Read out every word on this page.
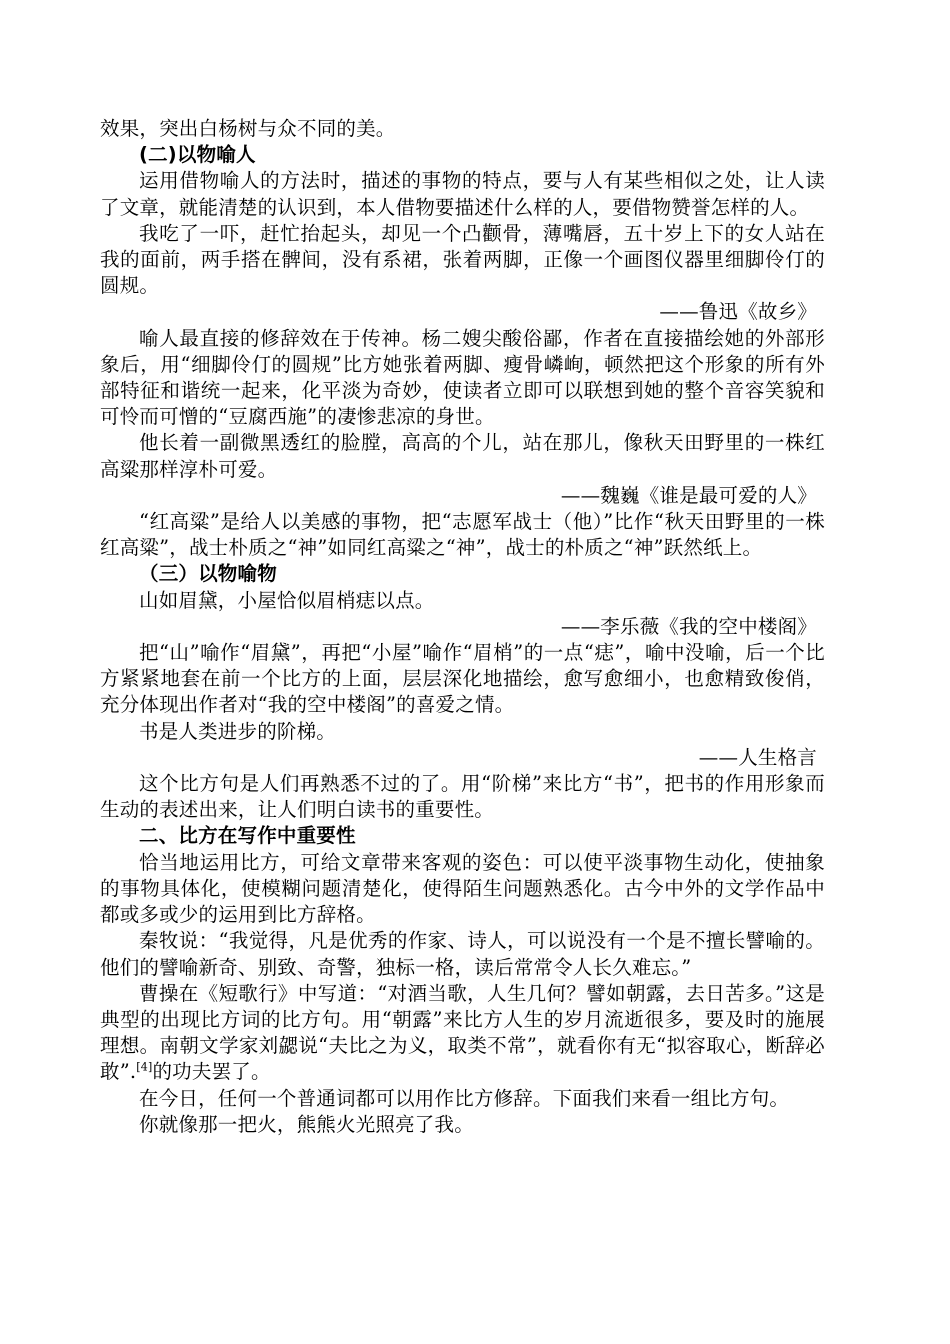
效果，突出白杨树与众不同的美。

(二)以物喻人

运用借物喻人的方法时，描述的事物的特点，要与人有某些相似之处，让人读了文章，就能清楚的认识到，本人借物要描述什么样的人，要借物赞誉怎样的人。

我吃了一吓，赶忙抬起头，却见一个凸颧骨，薄嘴唇，五十岁上下的女人站在我的面前，两手搭在髀间，没有系裙，张着两脚，正像一个画图仪器里细脚伶仃的圆规。

——鲁迅《故乡》

喻人最直接的修辞效在于传神。杨二嫂尖酸俗鄙，作者在直接描绘她的外部形象后，用“细脚伶仃的圆规”比方她张着两脚、瘦骨嶙峋，顿然把这个形象的所有外部特征和谐统一起来，化平淡为奇妙，使读者立即可以联想到她的整个音容笑貌和可怜而可憎的“豆腐西施”的凄惨悲凉的身世。

他长着一副微黑透红的脸膛，高高的个儿，站在那儿，像秋天田野里的一株红高粱那样淳朴可爱。

——魏巍《谁是最可爱的人》

“红高粱”是给人以美感的事物，把“志愿军战士（他）”比作“秋天田野里的一株红高粱”，战士朴质之“神”如同红高粱之“神”，战士的朴质之“神”跃然纸上。

（三）以物喻物

山如眉黛，小屋恰似眉梢痣以点。

——李乐薇《我的空中楼阁》

把“山”喻作“眉黛”，再把“小屋”喻作“眉梢”的一点“痣”，喻中没喻，后一个比方紧紧地套在前一个比方的上面，层层深化地描绘，愈写愈细小，也愈精致俊俏，充分体现出作者对“我的空中楼阁”的喜爱之情。

书是人类进步的阶梯。

——人生格言

这个比方句是人们再熟悉不过的了。用“阶梯”来比方“书”，把书的作用形象而生动的表述出来，让人们明白读书的重要性。

二、比方在写作中重要性

恰当地运用比方，可给文章带来客观的姿色：可以使平淡事物生动化，使抽象的事物具体化，使模糊问题清楚化，使得陌生问题熟悉化。古今中外的文学作品中都或多或少的运用到比方辞格。

秦牧说：“我觉得，凡是优秀的作家、诗人，可以说没有一个是不擅长譬喻的。他们的譬喻新奇、别致、奇警，独标一格，读后常常令人长久难忘。”

曹操在《短歌行》中写道：“对酒当歌，人生几何？譬如朝露，去日苦多。”这是典型的出现比方词的比方句。用“朝露”来比方人生的岁月流逝很多，要及时的施展理想。南朝文学家刘勰说“夫比之为义，取类不常”，就看你有无“拟容取心，断辞必敢”.[4]的功夫罢了。

在今日，任何一个普通词都可以用作比方修辞。下面我们来看一组比方句。

你就像那一把火，熊熊火光照亮了我。
